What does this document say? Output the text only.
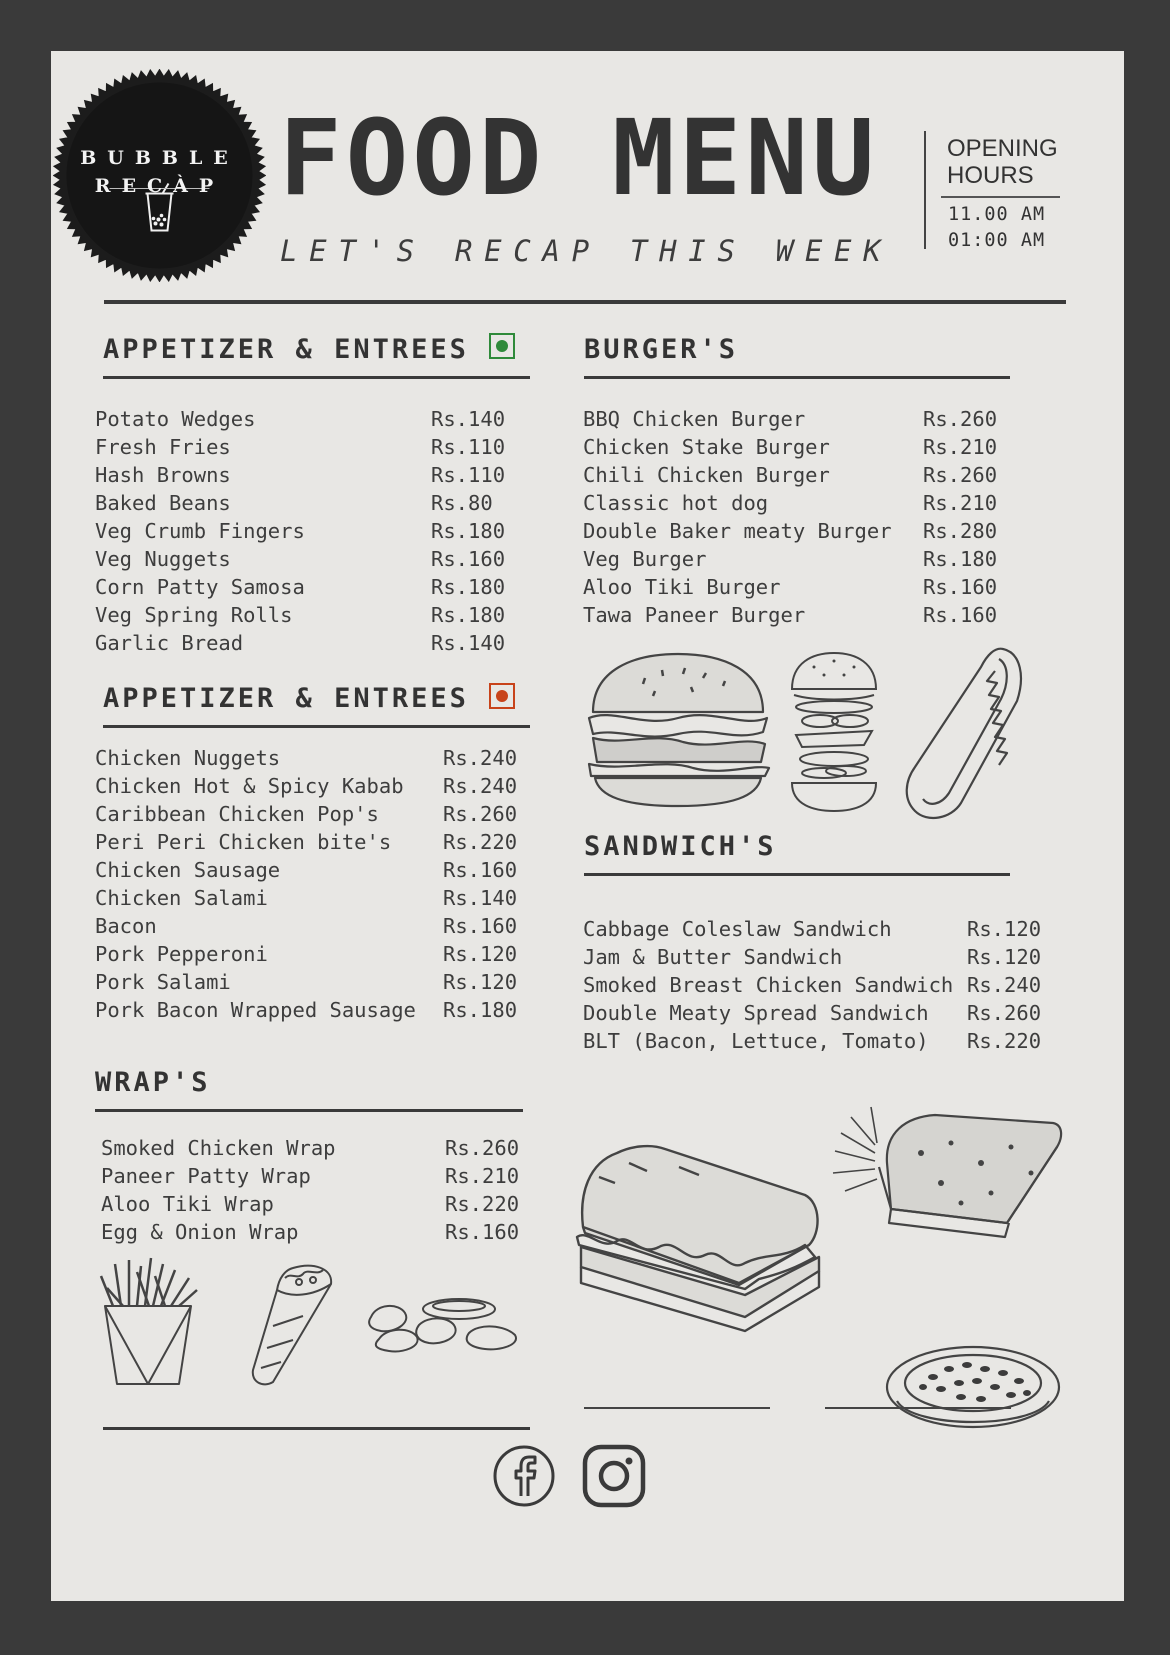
BUBBLE
RECÀP FOOD MENU
LET'S RECAP THIS WEEK
OPENING HOURS
11.00 AM
01:00 AM
APPETIZER & ENTREES
Potato Wedges	Rs.140
Fresh Fries	Rs.110
Hash Browns	Rs.110
Baked Beans	Rs.80
Veg Crumb Fingers	Rs.180
Veg Nuggets	Rs.160
Corn Patty Samosa	Rs.180
Veg Spring Rolls	Rs.180
Garlic Bread	Rs.140
APPETIZER & ENTREES
Chicken Nuggets	Rs.240
Chicken Hot & Spicy Kabab Rs.240
Caribbean Chicken Pop's	Rs.260
Peri Peri Chicken bite's	Rs.220
Chicken Sausage	Rs.160
Chicken Salami	Rs.140
Bacon	Rs.160
Pork Pepperoni	Rs.120
Pork Salami	Rs.120
Pork Bacon Wrapped Sausage Rs.180
WRAP'S
Smoked Chicken Wrap	Rs.260
Paneer Patty Wrap	Rs.210
Aloo Tiki Wrap	Rs.220
Egg & Onion Wrap	Rs.160
BURGER'S
BBQ Chicken Burger	Rs.260
Chicken Stake Burger	Rs.210
Chili Chicken Burger	Rs.260
Classic hot dog	Rs.210
Double Baker meaty Burger Rs.280
Veg Burger	Rs.180
Aloo Tiki Burger	Rs.160
Tawa Paneer Burger	Rs.160
SANDWICH'S
Cabbage Coleslaw Sandwich	Rs.120
Jam & Butter Sandwich	Rs.120
Smoked Breast Chicken Sandwich Rs.240
Double Meaty Spread Sandwich Rs.260
BLT (Bacon, Lettuce, Tomato) Rs.220
